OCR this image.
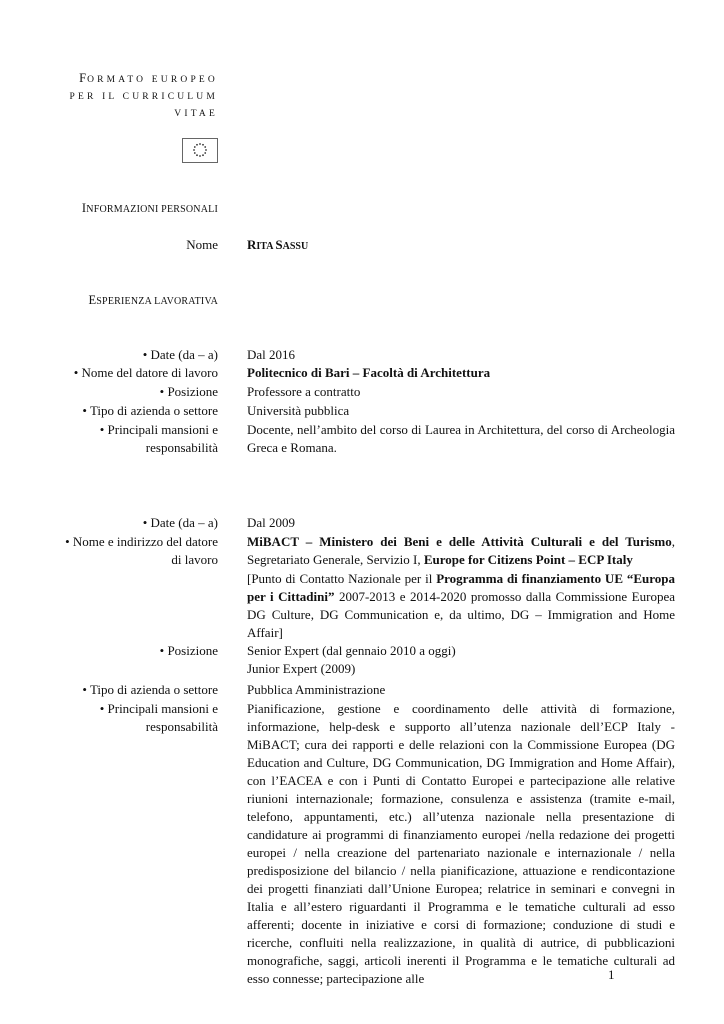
FORMATO EUROPEO
PER IL CURRICULUM
VITAE
INFORMAZIONI PERSONALI
Nome RITA SASSU
ESPERIENZA LAVORATIVA
• Date (da – a) Dal 2016
• Nome del datore di lavoro Politecnico di Bari – Facoltà di Architettura
• Posizione Professore a contratto
• Tipo di azienda o settore Università pubblica
• Principali mansioni e
responsabilità
Docente, nell’ambito del corso di Laurea in Architettura, del corso di Archeologia Greca e Romana.
• Date (da – a) Dal 2009
• Nome e indirizzo del datore
di lavoro
MiBACT – Ministero dei Beni e delle Attività Culturali e del Turismo, Segretariato Generale, Servizio I, Europe for Citizens Point – ECP Italy
[Punto di Contatto Nazionale per il Programma di finanziamento UE “Europa per i Cittadini” 2007-2013 e 2014-2020 promosso dalla Commissione Europea DG Culture, DG Communication e, da ultimo, DG – Immigration and Home Affair]
• Posizione Senior Expert (dal gennaio 2010 a oggi)
Junior Expert (2009)
• Tipo di azienda o settore Pubblica Amministrazione
• Principali mansioni e
responsabilità
Pianificazione, gestione e coordinamento delle attività di formazione, informazione, help-desk e supporto all’utenza nazionale dell’ECP Italy - MiBACT; cura dei rapporti e delle relazioni con la Commissione Europea (DG Education and Culture, DG Communication, DG Immigration and Home Affair), con l’EACEA e con i Punti di Contatto Europei e partecipazione alle relative riunioni internazionale; formazione, consulenza e assistenza (tramite e-mail, telefono, appuntamenti, etc.) all’utenza nazionale nella presentazione di candidature ai programmi di finanziamento europei /nella redazione dei progetti europei / nella creazione del partenariato nazionale e internazionale / nella predisposizione del bilancio / nella pianificazione, attuazione e rendicontazione dei progetti finanziati dall’Unione Europea; relatrice in seminari e convegni in Italia e all’estero riguardanti il Programma e le tematiche culturali ad esso afferenti; docente in iniziative e corsi di formazione; conduzione di studi e ricerche, confluiti nella realizzazione, in qualità di autrice, di pubblicazioni monografiche, saggi, articoli inerenti il Programma e le tematiche culturali ad esso connesse; partecipazione alle	1
